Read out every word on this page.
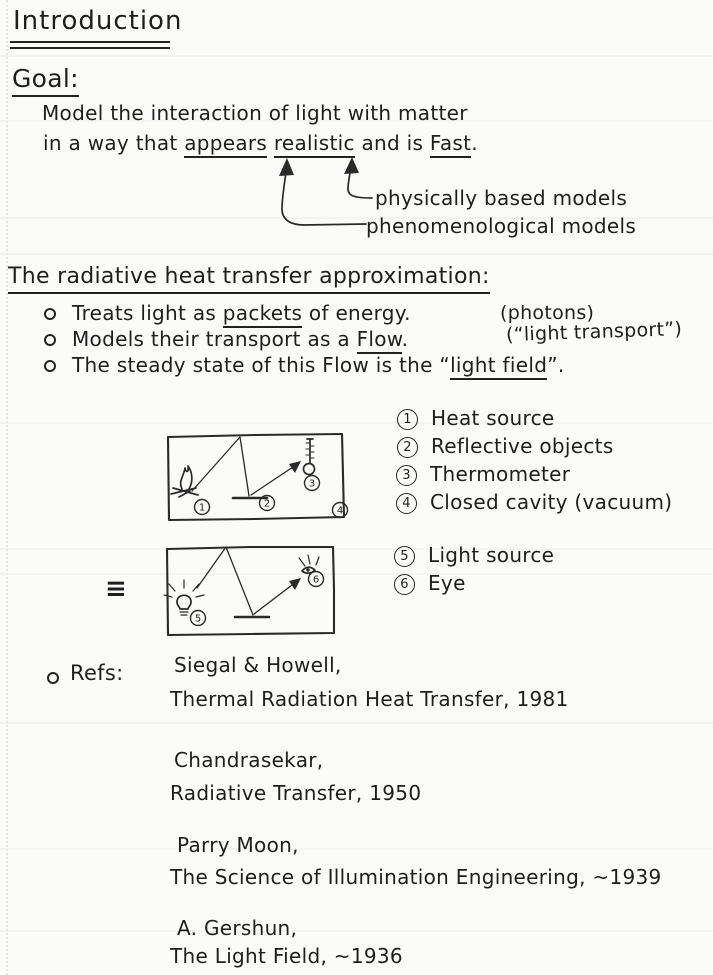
Introduction
Goal:
Model the interaction of light with matter
in a way that appears realistic and is Fast.
physically based models
phenomenological models
The radiative heat transfer approximation:
Treats light as packets of energy.	(photons)
Models their transport as a Flow.	(“light transport”)
The steady state of this Flow is the “light field”.
1	2
3
4
≡
5
6
1 Heat source
2 Reflective objects
3 Thermometer
4 Closed cavity (vacuum)
5 Light source
6 Eye
Refs:	Siegal & Howell,
Thermal Radiation Heat Transfer, 1981
Chandrasekar,
Radiative Transfer, 1950
Parry Moon,
The Science of Illumination Engineering, ~1939
A. Gershun,
The Light Field, ~1936
